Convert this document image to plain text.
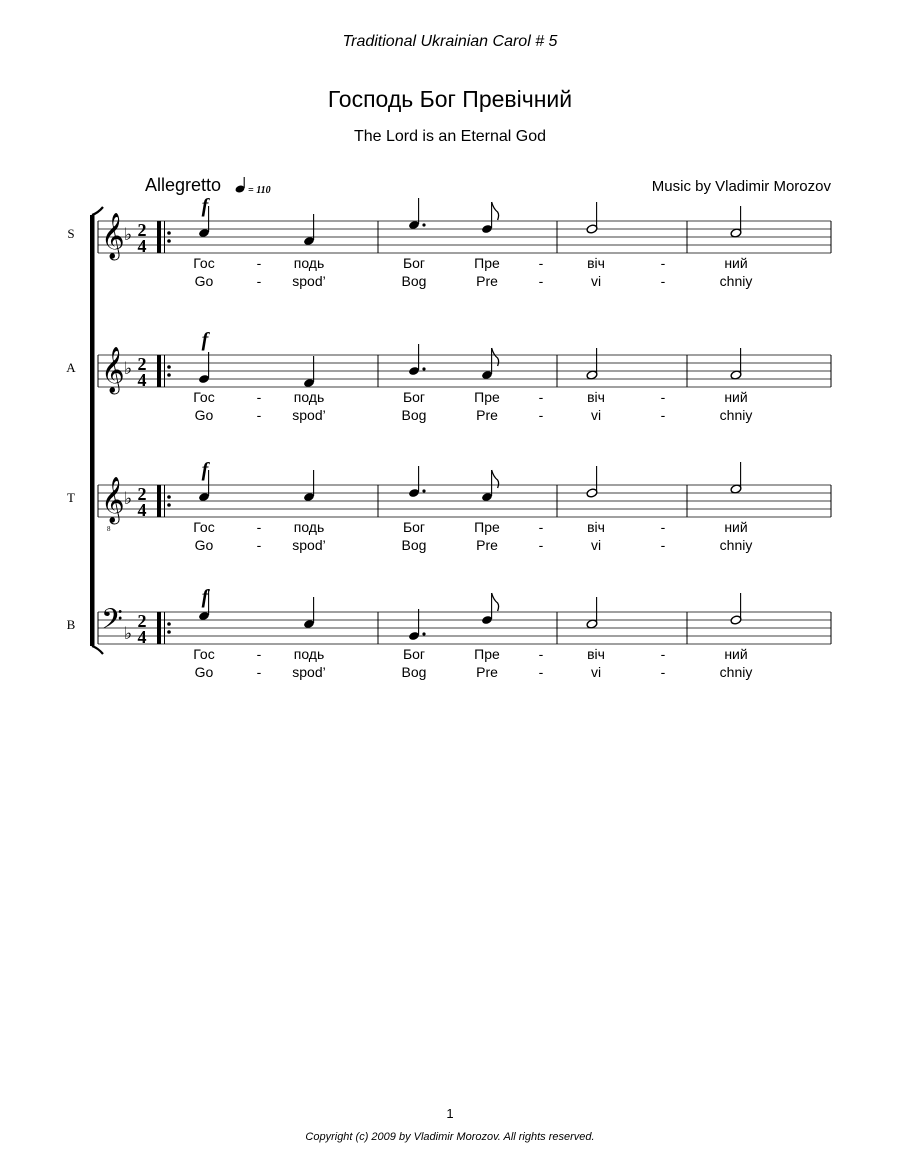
Traditional Ukrainian Carol # 5
Господь Бог Превічний
The Lord is an Eternal God
Allegretto	= 110	Music by Vladimir Morozov
𝄞 ♭ 2
4
𝄞 ♭ 2
4
𝄞
8
♭ 2
4
𝄢 ♭
2
4
S
f
Гос	- подь	Бог	Пре	-	віч	-	ний
Go	- spod’	Bog	Pre	-	vi	-	chniy
A
f
Гос	- подь	Бог	Пре	-	віч	-	ний
Go	- spod’	Bog	Pre	-	vi	-	chniy
T
f
Гос	- подь	Бог	Пре	-	віч	-	ний
Go	- spod’	Bog	Pre	-	vi	-	chniy
B
f
Гос	- подь	Бог	Пре	-	віч	-	ний
Go	- spod’	Bog	Pre	-	vi	-	chniy
1
Copyright (c) 2009 by Vladimir Morozov. All rights reserved.
